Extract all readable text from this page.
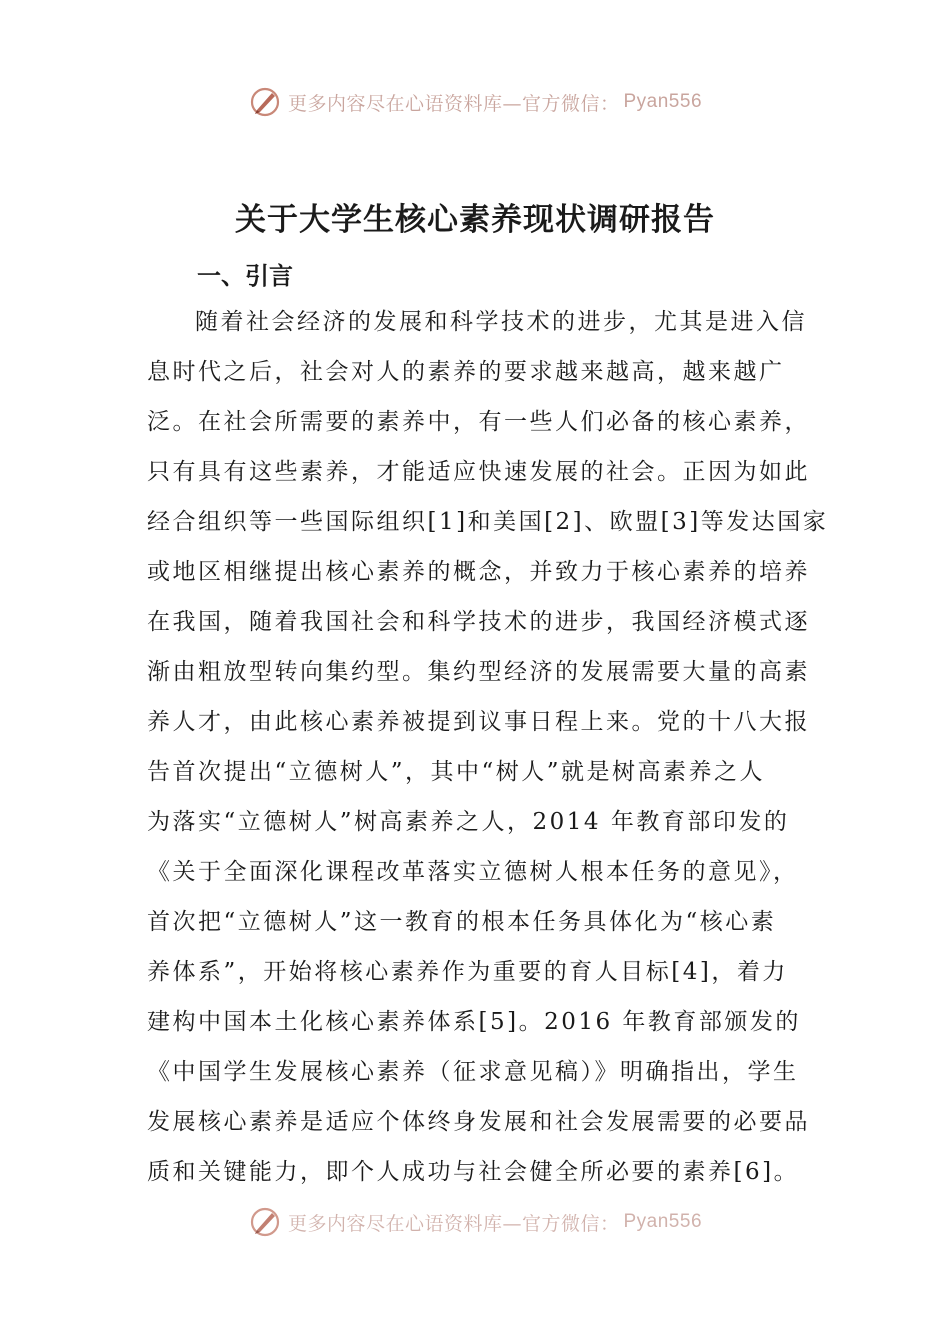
更多内容尽在心语资料库—官方微信： Pyan556
关于大学生核心素养现状调研报告
一、引言
随着社会经济的发展和科学技术的进步，尤其是进入信
息时代之后，社会对人的素养的要求越来越高，越来越广
泛。在社会所需要的素养中，有一些人们必备的核心素养，
只有具有这些素养，才能适应快速发展的社会。正因为如此
经合组织等一些国际组织[1]和美国[2]、欧盟[3]等发达国家
或地区相继提出核心素养的概念，并致力于核心素养的培养
在我国，随着我国社会和科学技术的进步，我国经济模式逐
渐由粗放型转向集约型。集约型经济的发展需要大量的高素
养人才，由此核心素养被提到议事日程上来。党的十八大报
告首次提出“立德树人”，其中“树人”就是树高素养之人
为落实“立德树人”树高素养之人，2014 年教育部印发的
《关于全面深化课程改革落实立德树人根本任务的意见》，
首次把“立德树人”这一教育的根本任务具体化为“核心素
养体系”，开始将核心素养作为重要的育人目标[4]，着力
建构中国本土化核心素养体系[5]。2016 年教育部颁发的
《中国学生发展核心素养（征求意见稿）》明确指出，学生
发展核心素养是适应个体终身发展和社会发展需要的必要品
质和关键能力，即个人成功与社会健全所必要的素养[6]。
更多内容尽在心语资料库—官方微信： Pyan556
